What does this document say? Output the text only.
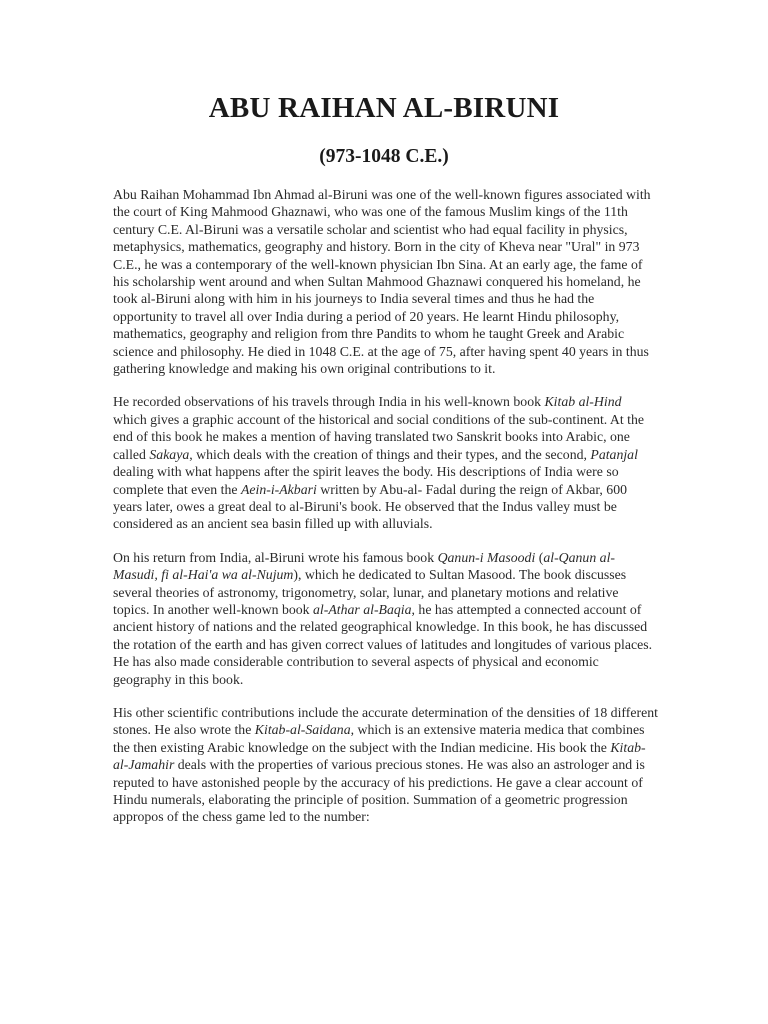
ABU RAIHAN AL-BIRUNI
(973-1048 C.E.)

Abu Raihan Mohammad Ibn Ahmad al-Biruni was one of the well-known figures associated with the court of King Mahmood Ghaznawi, who was one of the famous Muslim kings of the 11th century C.E. Al-Biruni was a versatile scholar and scientist who had equal facility in physics, metaphysics, mathematics, geography and history. Born in the city of Kheva near "Ural" in 973 C.E., he was a contemporary of the well-known physician Ibn Sina. At an early age, the fame of his scholarship went around and when Sultan Mahmood Ghaznawi conquered his homeland, he took al-Biruni along with him in his journeys to India several times and thus he had the opportunity to travel all over India during a period of 20 years. He learnt Hindu philosophy, mathematics, geography and religion from thre Pandits to whom he taught Greek and Arabic science and philosophy. He died in 1048 C.E. at the age of 75, after having spent 40 years in thus gathering knowledge and making his own original contributions to it.

He recorded observations of his travels through India in his well-known book Kitab al-Hind which gives a graphic account of the historical and social conditions of the sub-continent. At the end of this book he makes a mention of having translated two Sanskrit books into Arabic, one called Sakaya, which deals with the creation of things and their types, and the second, Patanjal dealing with what happens after the spirit leaves the body. His descriptions of India were so complete that even the Aein-i-Akbari written by Abu-al- Fadal during the reign of Akbar, 600 years later, owes a great deal to al-Biruni's book. He observed that the Indus valley must be considered as an ancient sea basin filled up with alluvials.

On his return from India, al-Biruni wrote his famous book Qanun-i Masoodi (al-Qanun al-Masudi, fi al-Hai'a wa al-Nujum), which he dedicated to Sultan Masood. The book discusses several theories of astronomy, trigonometry, solar, lunar, and planetary motions and relative topics. In another well-known book al-Athar al-Baqia, he has attempted a connected account of ancient history of nations and the related geographical knowledge. In this book, he has discussed the rotation of the earth and has given correct values of latitudes and longitudes of various places. He has also made considerable contribution to several aspects of physical and economic geography in this book.

His other scientific contributions include the accurate determination of the densities of 18 different stones. He also wrote the Kitab-al-Saidana, which is an extensive materia medica that combines the then existing Arabic knowledge on the subject with the Indian medicine. His book the Kitab-al-Jamahir deals with the properties of various precious stones. He was also an astrologer and is reputed to have astonished people by the accuracy of his predictions. He gave a clear account of Hindu numerals, elaborating the principle of position. Summation of a geometric progression appropos of the chess game led to the number:
